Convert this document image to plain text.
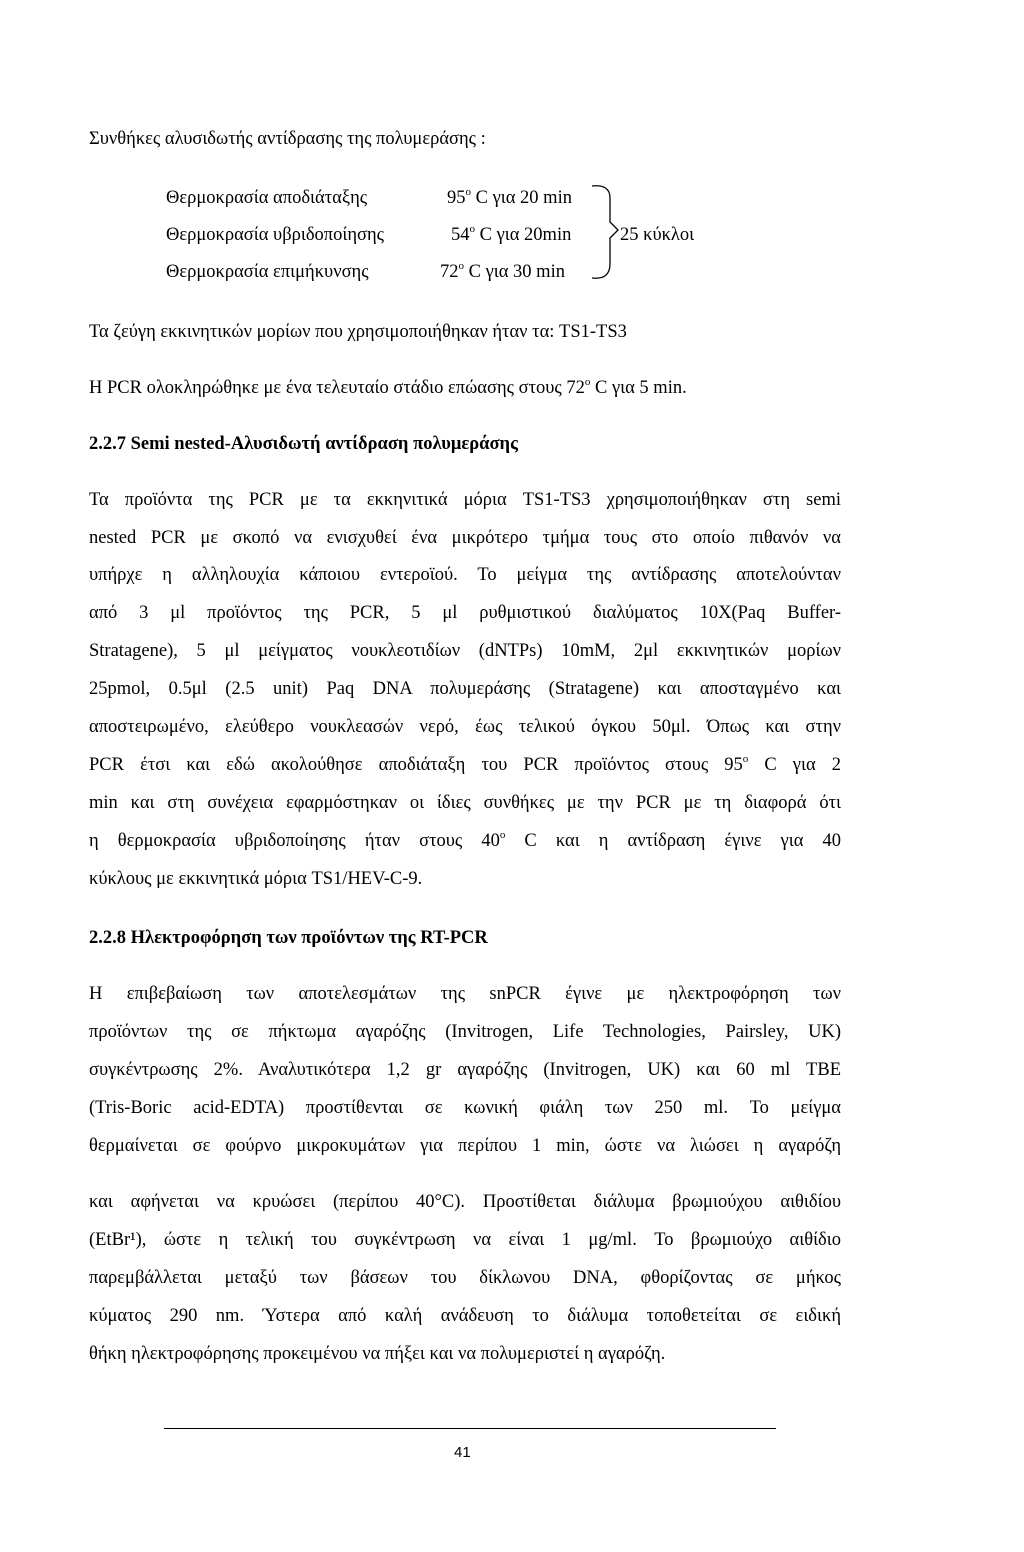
Συνθήκες αλυσιδωτής αντίδρασης της πολυμεράσης :
Θερμοκρασία αποδιάταξης	95$^o$ C για 20 min
Θερμοκρασία υβριδοποίησης	54$^o$ C για 20min
Θερμοκρασία επιμήκυνσης	72$^o$ C για 30 min
25 κύκλοι
Τα ζεύγη εκκινητικών μορίων που χρησιμοποιήθηκαν ήταν τα: TS1-TS3
H PCR ολοκληρώθηκε με ένα τελευταίο στάδιο επώασης στους 72$^o$ C για 5 min.
2.2.7 Semi nested-Αλυσιδωτή αντίδραση πολυμεράσης
Τα προϊόντα της PCR με τα εκκηνιτικά μόρια TS1-TS3 χρησιμοποιήθηκαν στη semi
nested PCR με σκοπό να ενισχυθεί ένα μικρότερο τμήμα τους στο οποίο πιθανόν να
υπήρχε η αλληλουχία κάποιου εντεροϊού. Το μείγμα της αντίδρασης αποτελούνταν
από 3 μl προϊόντος της PCR, 5 μl ρυθμιστικού διαλύματος 10X(Paq Buffer-
Stratagene), 5 μl μείγματος νουκλεοτιδίων (dNTPs) 10mM, 2μl εκκινητικών μορίων
25pmol, 0.5μl (2.5 unit) Paq DNA πολυμεράσης (Stratagene) και αποσταγμένο και
αποστειρωμένο, ελεύθερο νουκλεασών νερό, έως τελικού όγκου 50μl. Όπως και στην
PCR έτσι και εδώ ακολούθησε αποδιάταξη του PCR προϊόντος στους 95$^o$ C για 2
min και στη συνέχεια εφαρμόστηκαν οι ίδιες συνθήκες με την PCR με τη διαφορά ότι
η θερμοκρασία υβριδοποίησης ήταν στους 40$^o$ C και η αντίδραση έγινε για 40
κύκλους με εκκινητικά μόρια TS1/HEV-C-9.
2.2.8 Ηλεκτροφόρηση των προϊόντων της RT-PCR
H επιβεβαίωση των αποτελεσμάτων της snPCR έγινε με ηλεκτροφόρηση των
προϊόντων της σε πήκτωμα αγαρόζης (Invitrogen, Life Technologies, Pairsley, UK)
συγκέντρωσης 2%. Αναλυτικότερα 1,2 gr αγαρόζης (Invitrogen, UK) και 60 ml TBE
(Tris-Boric acid-EDTA) προστίθενται σε κωνική φιάλη των 250 ml. Το μείγμα
θερμαίνεται σε φούρνο μικροκυμάτων για περίπου 1 min, ώστε να λιώσει η αγαρόζη
και αφήνεται να κρυώσει (περίπου 40°C). Προστίθεται διάλυμα βρωμιούχου αιθιδίου
(EtBr¹), ώστε η τελική του συγκέντρωση να είναι 1 μg/ml. Το βρωμιούχο αιθίδιο
παρεμβάλλεται μεταξύ των βάσεων του δίκλωνου DNA, φθορίζοντας σε μήκος
κύματος 290 nm. Ύστερα από καλή ανάδευση το διάλυμα τοποθετείται σε ειδική
θήκη ηλεκτροφόρησης προκειμένου να πήξει και να πολυμεριστεί η αγαρόζη.
41
